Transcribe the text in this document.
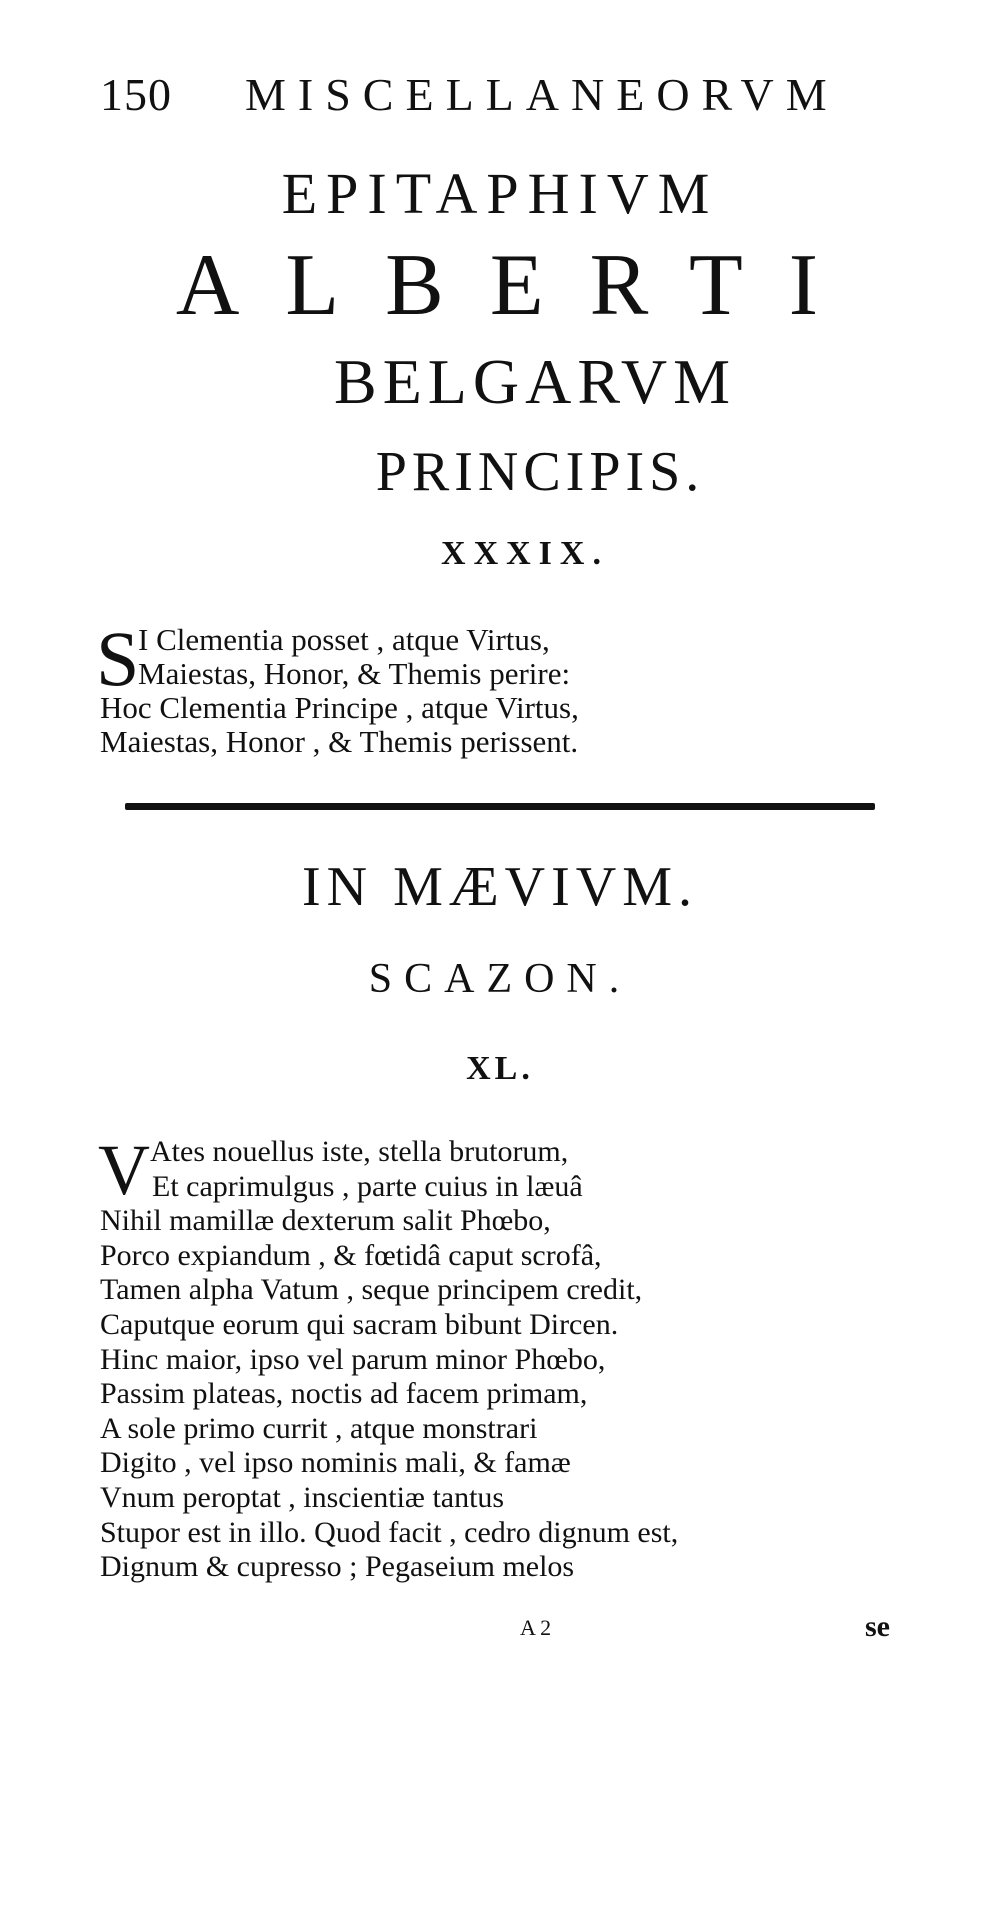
150 MISCELLANEORVM
EPITAPHIVM
ALBERTI
BELGARVM
PRINCIPIS.
XXXIX.
S
I Clementia posset , atque Virtus,
Maiestas, Honor, & Themis perire:
Hoc Clementia Principe , atque Virtus,
Maiestas, Honor , & Themis perissent.
IN MÆVIVM.
SCAZON.
XL.
V Ates nouellus iste, stella brutorum,
Et caprimulgus , parte cuius in læuâ
Nihil mamillæ dexterum salit Phœbo,
Porco expiandum , & fœtidâ caput scrofâ,
Tamen alpha Vatum , seque principem credit,
Caputque eorum qui sacram bibunt Dircen.
Hinc maior, ipso vel parum minor Phœbo,
Passim plateas, noctis ad facem primam,
A sole primo currit , atque monstrari
Digito , vel ipso nominis mali, & famæ
Vnum peroptat , inscientiæ tantus
Stupor est in illo. Quod facit , cedro dignum est,
Dignum & cupresso ; Pegaseium melos
A 2	se
